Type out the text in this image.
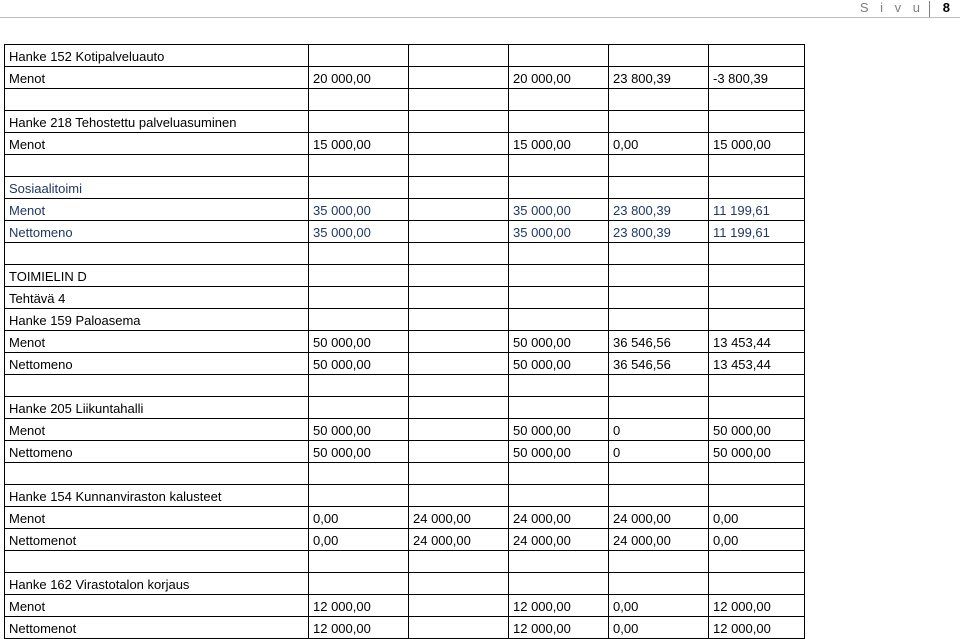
S i v u 8
Hanke 152 Kotipalveluauto					
Menot	20 000,00		20 000,00	23 800,39	-3 800,39

Hanke 218 Tehostettu palveluasuminen					
Menot	15 000,00		15 000,00	0,00	15 000,00

Sosiaalitoimi					
Menot	35 000,00		35 000,00	23 800,39	11 199,61
Nettomeno	35 000,00		35 000,00	23 800,39	11 199,61

TOIMIELIN D					
Tehtävä 4					
Hanke 159 Paloasema					
Menot	50 000,00		50 000,00	36 546,56	13 453,44
Nettomeno	50 000,00		50 000,00	36 546,56	13 453,44

Hanke 205 Liikuntahalli					
Menot	50 000,00		50 000,00	0	50 000,00
Nettomeno	50 000,00		50 000,00	0	50 000,00

Hanke 154 Kunnanviraston kalusteet					
Menot	0,00	24 000,00	24 000,00	24 000,00	0,00
Nettomenot	0,00	24 000,00	24 000,00	24 000,00	0,00

Hanke 162 Virastotalon korjaus					
Menot	12 000,00		12 000,00	0,00	12 000,00
Nettomenot	12 000,00		12 000,00	0,00	12 000,00
